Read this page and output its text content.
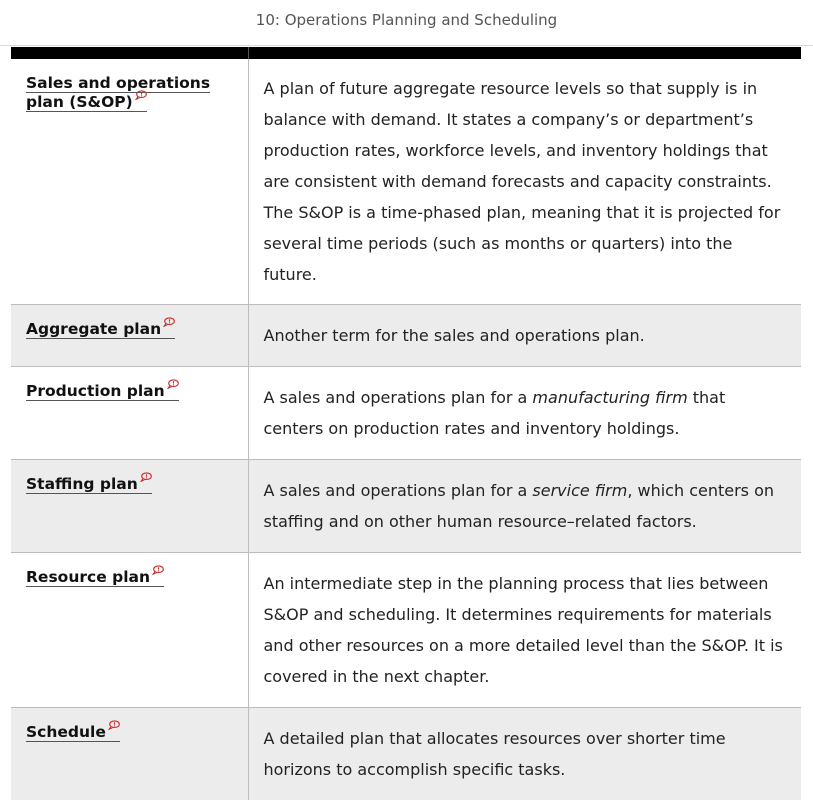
10: Operations Planning and Scheduling
Sales and operations plan (S&OP)	A plan of future aggregate resource levels so that supply is in balance with demand. It states a company’s or department’s production rates, workforce levels, and inventory holdings that are consistent with demand forecasts and capacity constraints. The S&OP is a time-phased plan, meaning that it is projected for several time periods (such as months or quarters) into the future.
Aggregate plan	Another term for the sales and operations plan.
Production plan	A sales and operations plan for a manufacturing firm that centers on production rates and inventory holdings.
Staffing plan	A sales and operations plan for a service firm, which centers on staffing and on other human resource–related factors.
Resource plan	An intermediate step in the planning process that lies between S&OP and scheduling. It determines requirements for materials and other resources on a more detailed level than the S&OP. It is covered in the next chapter.
Schedule	A detailed plan that allocates resources over shorter time horizons to accomplish specific tasks.
